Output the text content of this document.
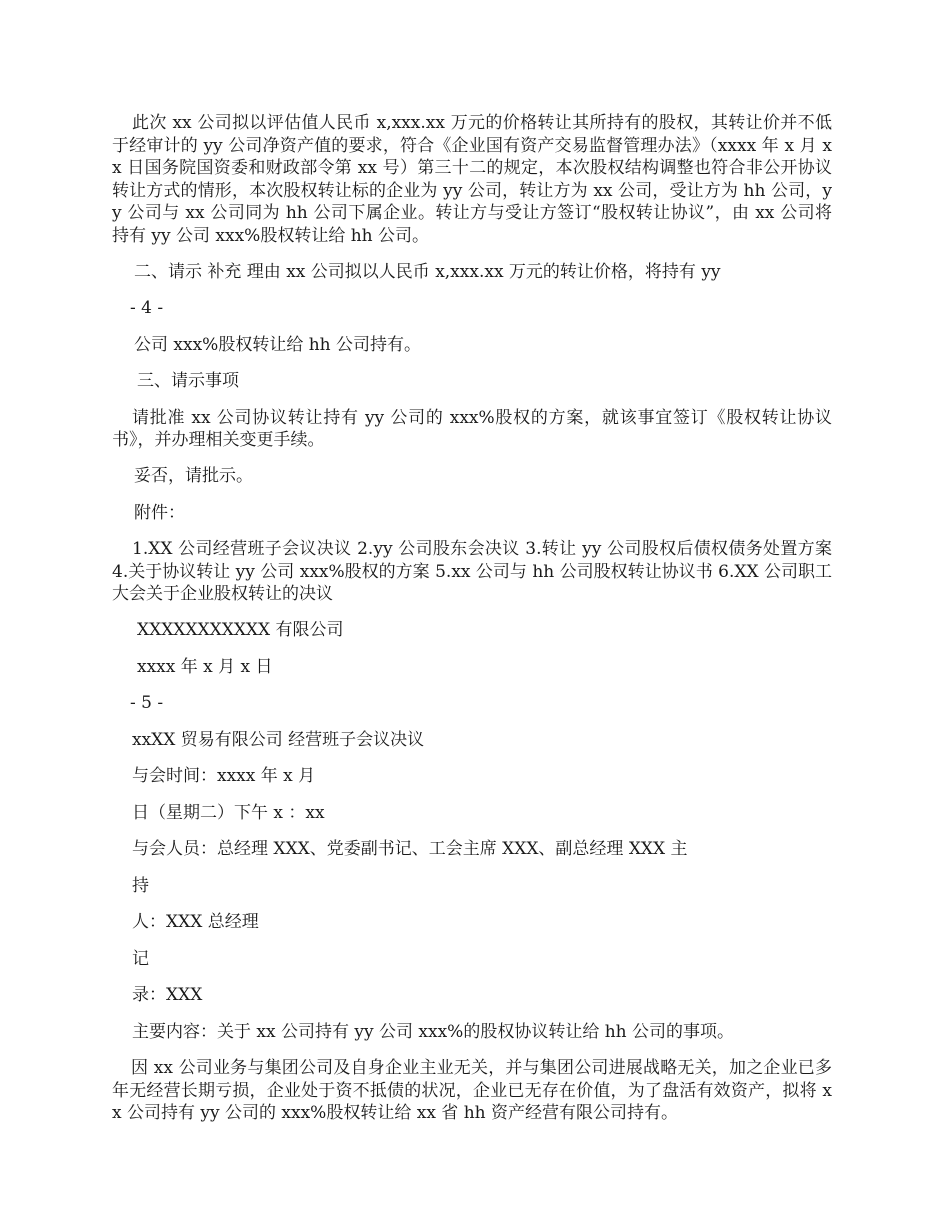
此次 xx 公司拟以评估值人民币 x,xxx.xx 万元的价格转让其所持有的股权，其转让价并不低于经审计的 yy 公司净资产值的要求，符合《企业国有资产交易监督管理办法》（xxxx 年 x 月 xx 日国务院国资委和财政部令第 xx 号）第三十二的规定，本次股权结构调整也符合非公开协议转让方式的情形，本次股权转让标的企业为 yy 公司，转让方为 xx 公司，受让方为 hh 公司，yy 公司与 xx 公司同为 hh 公司下属企业。转让方与受让方签订“股权转让协议”，由 xx 公司将持有 yy 公司 xxx%股权转让给 hh 公司。

二、请示 补充 理由 xx 公司拟以人民币 x,xxx.xx 万元的转让价格，将持有 yy

- 4 -

公司 xxx%股权转让给 hh 公司持有。

三、请示事项

请批准 xx 公司协议转让持有 yy 公司的 xxx%股权的方案，就该事宜签订《股权转让协议书》，并办理相关变更手续。

妥否，请批示。

附件：

1.XX 公司经营班子会议决议 2.yy 公司股东会决议 3.转让 yy 公司股权后债权债务处置方案 4.关于协议转让 yy 公司 xxx%股权的方案 5.xx 公司与 hh 公司股权转让协议书 6.XX 公司职工大会关于企业股权转让的决议

XXXXXXXXXXX 有限公司

xxxx 年 x 月 x 日

- 5 -

xxXX 贸易有限公司 经营班子会议决议

与会时间：xxxx 年 x 月

日（星期二）下午 x ：xx

与会人员：总经理 XXX、党委副书记、工会主席 XXX、副总经理 XXX 主

持

人：XXX 总经理

记

录：XXX

主要内容：关于 xx 公司持有 yy 公司 xxx%的股权协议转让给 hh 公司的事项。

因 xx 公司业务与集团公司及自身企业主业无关，并与集团公司进展战略无关，加之企业已多年无经营长期亏损，企业处于资不抵债的状况，企业已无存在价值，为了盘活有效资产，拟将 xx 公司持有 yy 公司的 xxx%股权转让给 xx 省 hh 资产经营有限公司持有。
